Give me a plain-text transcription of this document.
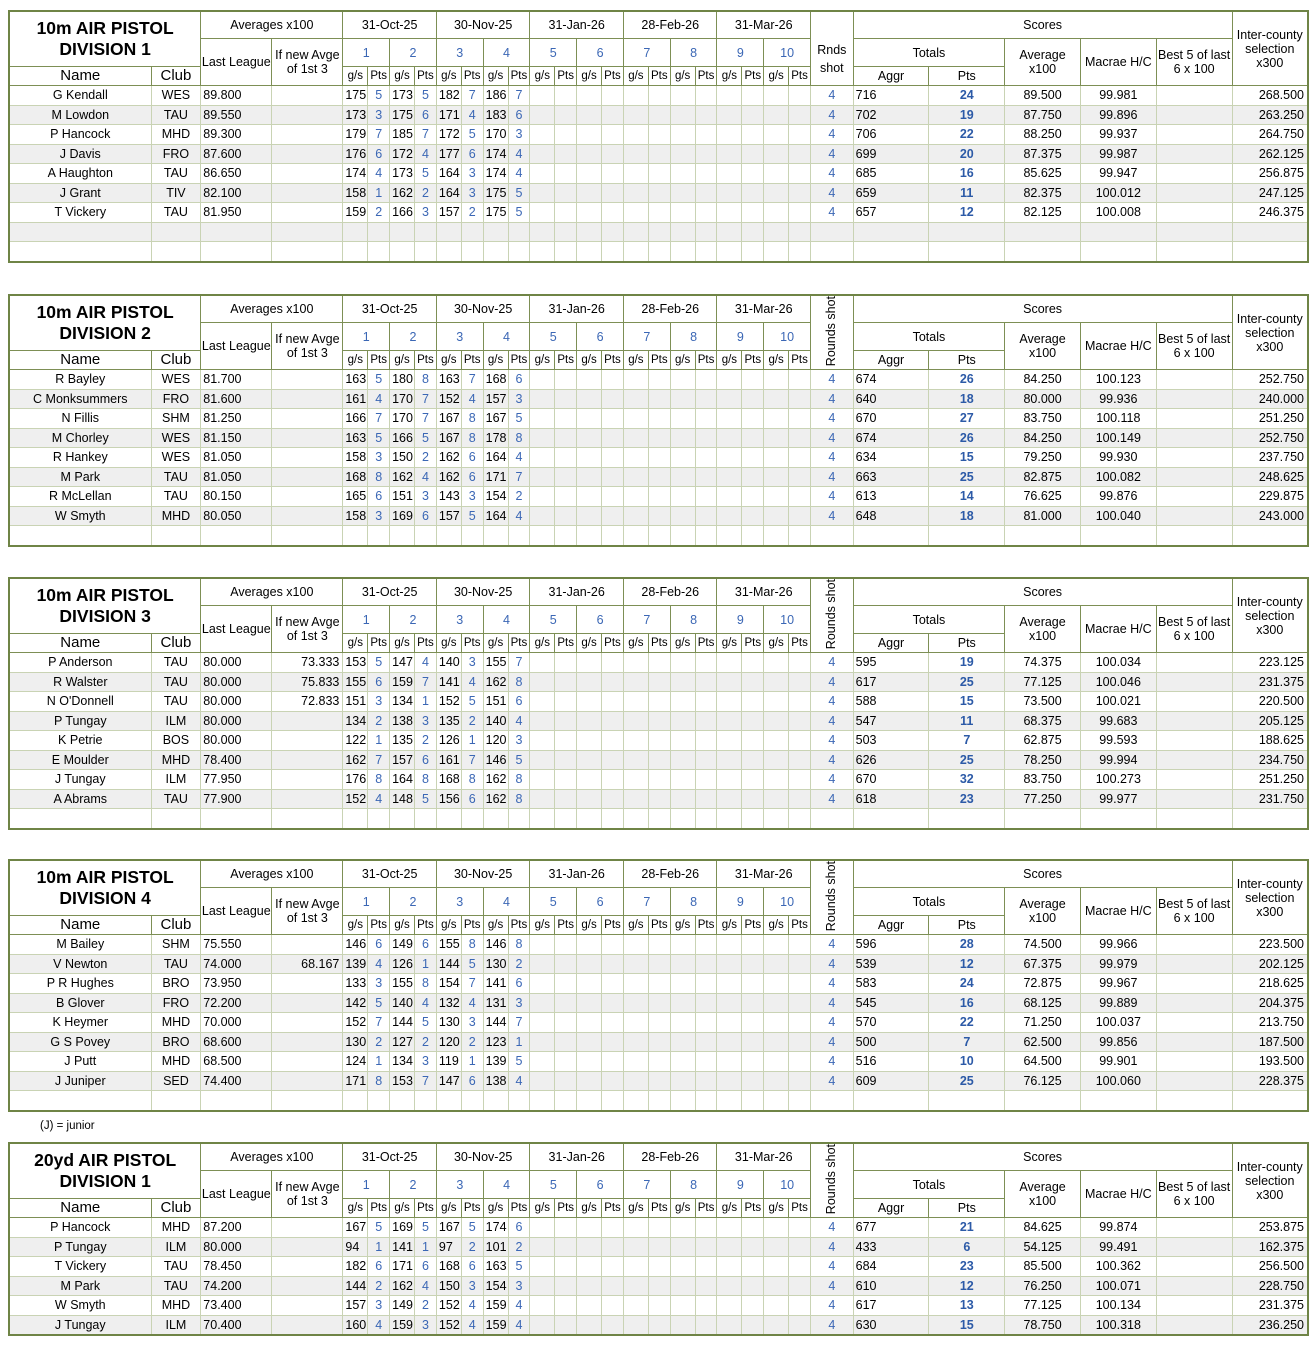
10m AIR PISTOL
DIVISION 1		Averages x100		31-Oct-25				30-Nov-25				31-Jan-26				28-Feb-26				31-Mar-26				Rnds shot	Scores					Inter-county selection x300
		Last League	If new Avge of 1st 3	1		2		3		4		5		6		7		8		9		10			Totals		Average x100	Macrae H/C	Best 5 of last 6 x 100	
Name	Club			g/s	Pts	g/s	Pts	g/s	Pts	g/s	Pts	g/s	Pts	g/s	Pts	g/s	Pts	g/s	Pts	g/s	Pts	g/s	Pts		Aggr	Pts				
G Kendall	WES	89.800		175	5	173	5	182	7	186	7													4	716	24	89.500	99.981		268.500
M Lowdon	TAU	89.550		173	3	175	6	171	4	183	6													4	702	19	87.750	99.896		263.250
P Hancock	MHD	89.300		179	7	185	7	172	5	170	3													4	706	22	88.250	99.937		264.750
J Davis	FRO	87.600		176	6	172	4	177	6	174	4													4	699	20	87.375	99.987		262.125
A Haughton	TAU	86.650		174	4	173	5	164	3	174	4													4	685	16	85.625	99.947		256.875
J Grant	TIV	82.100		158	1	162	2	164	3	175	5													4	659	11	82.375	100.012		247.125
T Vickery	TAU	81.950		159	2	166	3	157	2	175	5													4	657	12	82.125	100.008		246.375

10m AIR PISTOL
DIVISION 2		Averages x100		31-Oct-25				30-Nov-25				31-Jan-26				28-Feb-26				31-Mar-26				Rounds shot	Scores					Inter-county selection x300
		Last League	If new Avge of 1st 3	1		2		3		4		5		6		7		8		9		10			Totals		Average x100	Macrae H/C	Best 5 of last 6 x 100	
Name	Club			g/s	Pts	g/s	Pts	g/s	Pts	g/s	Pts	g/s	Pts	g/s	Pts	g/s	Pts	g/s	Pts	g/s	Pts	g/s	Pts		Aggr	Pts				
R Bayley	WES	81.700		163	5	180	8	163	7	168	6													4	674	26	84.250	100.123		252.750
C Monksummers	FRO	81.600		161	4	170	7	152	4	157	3													4	640	18	80.000	99.936		240.000
N Fillis	SHM	81.250		166	7	170	7	167	8	167	5													4	670	27	83.750	100.118		251.250
M Chorley	WES	81.150		163	5	166	5	167	8	178	8													4	674	26	84.250	100.149		252.750
R Hankey	WES	81.050		158	3	150	2	162	6	164	4													4	634	15	79.250	99.930		237.750
M Park	TAU	81.050		168	8	162	4	162	6	171	7													4	663	25	82.875	100.082		248.625
R McLellan	TAU	80.150		165	6	151	3	143	3	154	2													4	613	14	76.625	99.876		229.875
W Smyth	MHD	80.050		158	3	169	6	157	5	164	4													4	648	18	81.000	100.040		243.000

10m AIR PISTOL
DIVISION 3		Averages x100		31-Oct-25				30-Nov-25				31-Jan-26				28-Feb-26				31-Mar-26				Rounds shot	Scores					Inter-county selection x300
		Last League	If new Avge of 1st 3	1		2		3		4		5		6		7		8		9		10			Totals		Average x100	Macrae H/C	Best 5 of last 6 x 100	
Name	Club			g/s	Pts	g/s	Pts	g/s	Pts	g/s	Pts	g/s	Pts	g/s	Pts	g/s	Pts	g/s	Pts	g/s	Pts	g/s	Pts		Aggr	Pts				
P Anderson	TAU	80.000	73.333	153	5	147	4	140	3	155	7													4	595	19	74.375	100.034		223.125
R Walster	TAU	80.000	75.833	155	6	159	7	141	4	162	8													4	617	25	77.125	100.046		231.375
N O'Donnell	TAU	80.000	72.833	151	3	134	1	152	5	151	6													4	588	15	73.500	100.021		220.500
P Tungay	ILM	80.000		134	2	138	3	135	2	140	4													4	547	11	68.375	99.683		205.125
K Petrie	BOS	80.000		122	1	135	2	126	1	120	3													4	503	7	62.875	99.593		188.625
E Moulder	MHD	78.400		162	7	157	6	161	7	146	5													4	626	25	78.250	99.994		234.750
J Tungay	ILM	77.950		176	8	164	8	168	8	162	8													4	670	32	83.750	100.273		251.250
A Abrams	TAU	77.900		152	4	148	5	156	6	162	8													4	618	23	77.250	99.977		231.750

10m AIR PISTOL
DIVISION 4		Averages x100		31-Oct-25				30-Nov-25				31-Jan-26				28-Feb-26				31-Mar-26				Rounds shot	Scores					Inter-county selection x300
		Last League	If new Avge of 1st 3	1		2		3		4		5		6		7		8		9		10			Totals		Average x100	Macrae H/C	Best 5 of last 6 x 100	
Name	Club			g/s	Pts	g/s	Pts	g/s	Pts	g/s	Pts	g/s	Pts	g/s	Pts	g/s	Pts	g/s	Pts	g/s	Pts	g/s	Pts		Aggr	Pts				
M Bailey	SHM	75.550		146	6	149	6	155	8	146	8													4	596	28	74.500	99.966		223.500
V Newton	TAU	74.000	68.167	139	4	126	1	144	5	130	2													4	539	12	67.375	99.979		202.125
P R Hughes	BRO	73.950		133	3	155	8	154	7	141	6													4	583	24	72.875	99.967		218.625
B Glover	FRO	72.200		142	5	140	4	132	4	131	3													4	545	16	68.125	99.889		204.375
K Heymer	MHD	70.000		152	7	144	5	130	3	144	7													4	570	22	71.250	100.037		213.750
G S Povey	BRO	68.600		130	2	127	2	120	2	123	1													4	500	7	62.500	99.856		187.500
J Putt	MHD	68.500		124	1	134	3	119	1	139	5													4	516	10	64.500	99.901		193.500
J Juniper	SED	74.400		171	8	153	7	147	6	138	4													4	609	25	76.125	100.060		228.375

20yd AIR PISTOL
DIVISION 1		Averages x100		31-Oct-25				30-Nov-25				31-Jan-26				28-Feb-26				31-Mar-26				Rounds shot	Scores					Inter-county selection x300
		Last League	If new Avge of 1st 3	1		2		3		4		5		6		7		8		9		10			Totals		Average x100	Macrae H/C	Best 5 of last 6 x 100	
Name	Club			g/s	Pts	g/s	Pts	g/s	Pts	g/s	Pts	g/s	Pts	g/s	Pts	g/s	Pts	g/s	Pts	g/s	Pts	g/s	Pts		Aggr	Pts				
P Hancock	MHD	87.200		167	5	169	5	167	5	174	6													4	677	21	84.625	99.874		253.875
P Tungay	ILM	80.000		94	1	141	1	97	2	101	2													4	433	6	54.125	99.491		162.375
T Vickery	TAU	78.450		182	6	171	6	168	6	163	5													4	684	23	85.500	100.362		256.500
M Park	TAU	74.200		144	2	162	4	150	3	154	3													4	610	12	76.250	100.071		228.750
W Smyth	MHD	73.400		157	3	149	2	152	4	159	4													4	617	13	77.125	100.134		231.375
J Tungay	ILM	70.400		160	4	159	3	152	4	159	4													4	630	15	78.750	100.318		236.250
(J) = junior
